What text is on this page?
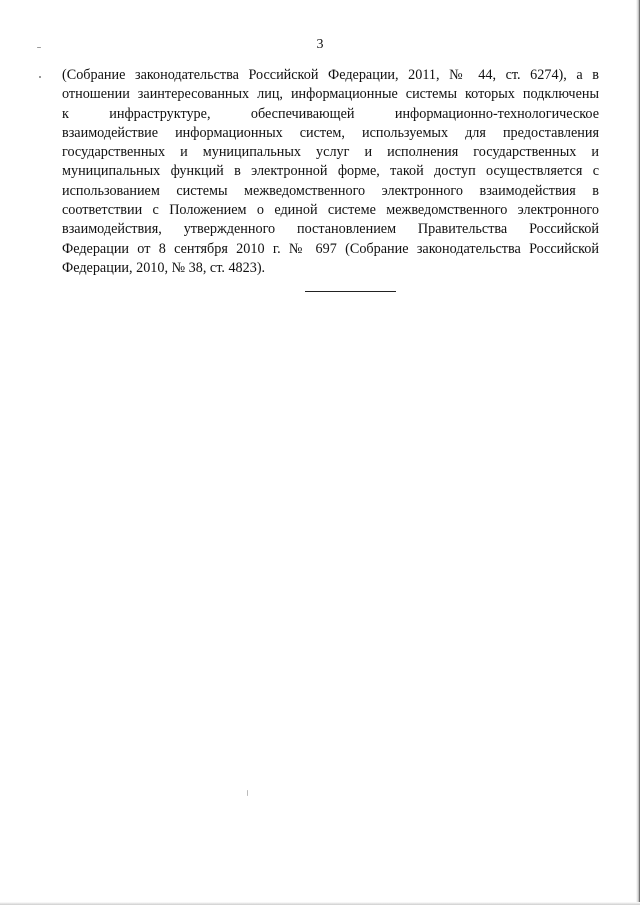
3

(Собрание законодательства Российской Федерации, 2011, № 44, ст. 6274), а в
отношении заинтересованных лиц, информационные системы которых подключены
к инфраструктуре, обеспечивающей информационно-технологическое
взаимодействие информационных систем, используемых для предоставления
государственных и муниципальных услуг и исполнения государственных и
муниципальных функций в электронной форме, такой доступ осуществляется с
использованием системы межведомственного электронного взаимодействия в
соответствии с Положением о единой системе межведомственного электронного
взаимодействия, утвержденного постановлением Правительства Российской
Федерации от 8 сентября 2010 г. № 697 (Собрание законодательства Российской
Федерации, 2010, № 38, ст. 4823).
